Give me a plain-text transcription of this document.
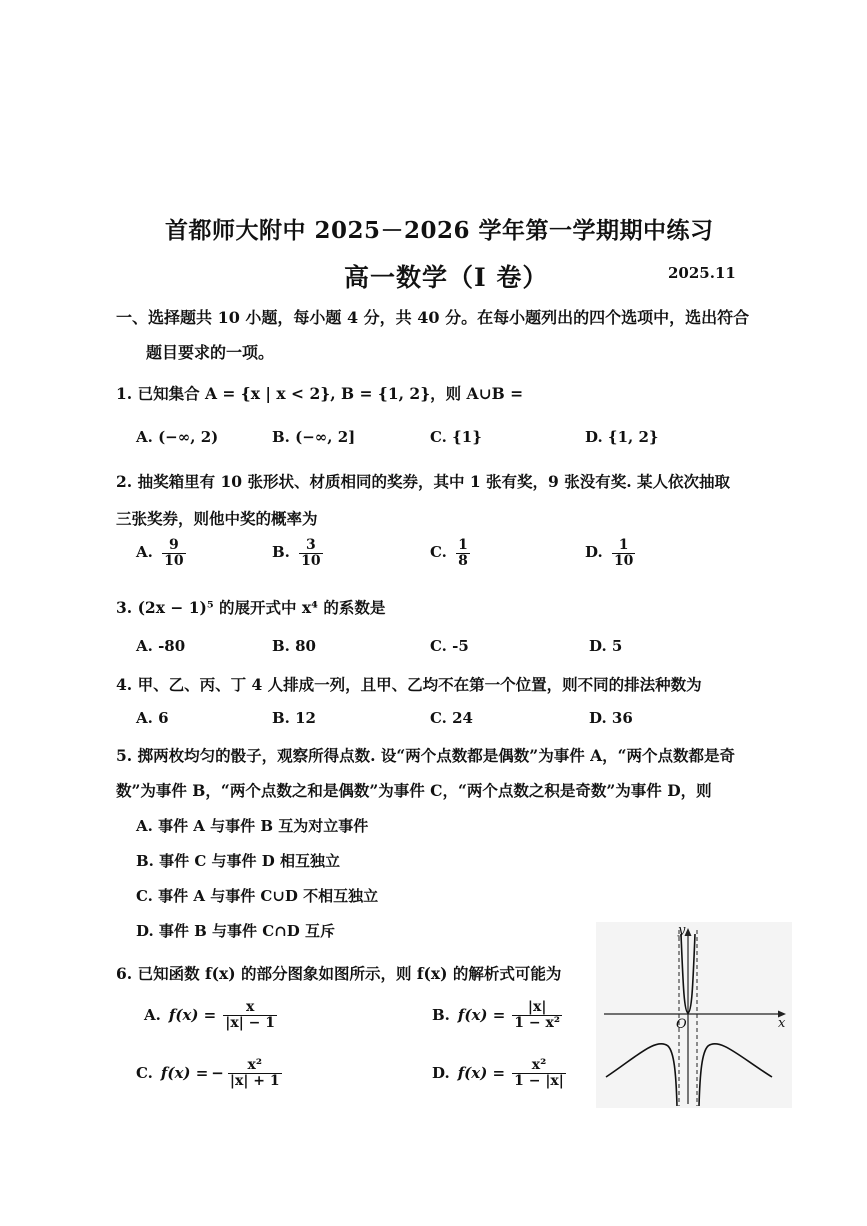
首都师大附中 2025－2026 学年第一学期期中练习
高一数学（I 卷）	2025.11
一、选择题共 10 小题，每小题 4 分，共 40 分。在每小题列出的四个选项中，选出符合
题目要求的一项。
1. 已知集合 A = {x | x < 2}, B = {1, 2}，则 A∪B =
A. (−∞, 2)	B. (−∞, 2]	C. {1}	D. {1, 2}
2. 抽奖箱里有 10 张形状、材质相同的奖券，其中 1 张有奖，9 张没有奖. 某人依次抽取
三张奖券，则他中奖的概率为
A. $\frac{9}{10}$	B. $\frac{3}{10}$	C. $\frac{1}{8}$	D. $\frac{1}{10}$
3. (2x − 1)⁵ 的展开式中 x⁴ 的系数是
A. -80	B. 80	C. -5	D. 5
4. 甲、乙、丙、丁 4 人排成一列，且甲、乙均不在第一个位置，则不同的排法种数为
A. 6	B. 12	C. 24	D. 36
5. 掷两枚均匀的骰子，观察所得点数. 设“两个点数都是偶数”为事件 A，“两个点数都是奇
数”为事件 B，“两个点数之和是偶数”为事件 C，“两个点数之积是奇数”为事件 D，则
A. 事件 A 与事件 B 互为对立事件
B. 事件 C 与事件 D 相互独立
C. 事件 A 与事件 C∪D 不相互独立
D. 事件 B 与事件 C∩D 互斥
6. 已知函数 f(x) 的部分图象如图所示，则 f(x) 的解析式可能为
A. $f(x) = \frac{x}{|x| - 1}$	B. $f(x) = \frac{|x|}{\text{1 − x²}}$
C. f(x) = − $\frac{\text{x²}}{|x| + 1}$	D. $f(x) = \frac{\text{x²}}{1 - |x|}$
x
y
O
